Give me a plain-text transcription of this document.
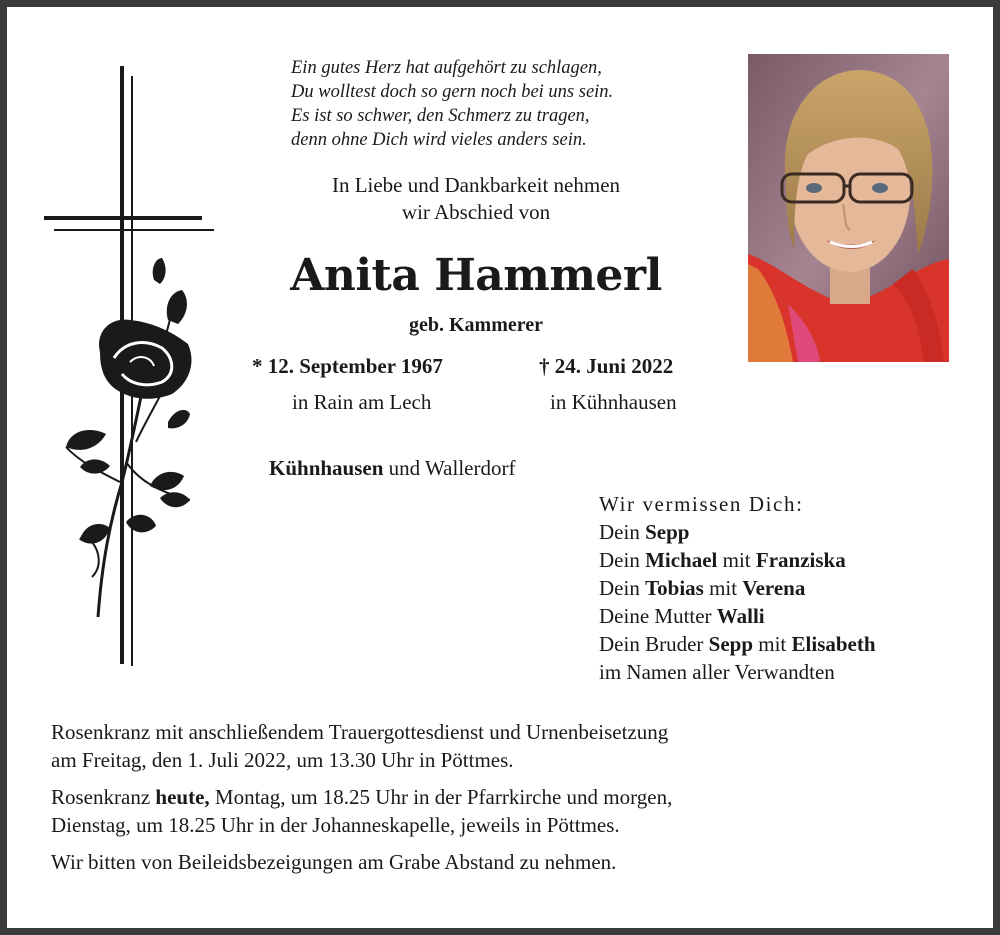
Ein gutes Herz hat aufgehört zu schlagen,
Du wolltest doch so gern noch bei uns sein.
Es ist so schwer, den Schmerz zu tragen,
denn ohne Dich wird vieles anders sein.
In Liebe und Dankbarkeit nehmen
wir Abschied von
Anita Hammerl
geb. Kammerer
* 12. September 1967	† 24. Juni 2022
in Rain am Lech	in Kühnhausen
Kühnhausen und Wallerdorf
Wir vermissen Dich:
Dein Sepp
Dein Michael mit Franziska
Dein Tobias mit Verena
Deine Mutter Walli
Dein Bruder Sepp mit Elisabeth
im Namen aller Verwandten

Rosenkranz mit anschließendem Trauergottesdienst und Urnenbeisetzung
am Freitag, den 1. Juli 2022, um 13.30 Uhr in Pöttmes.

Rosenkranz heute, Montag, um 18.25 Uhr in der Pfarrkirche und morgen,
Dienstag, um 18.25 Uhr in der Johanneskapelle, jeweils in Pöttmes.

Wir bitten von Beileidsbezeigungen am Grabe Abstand zu nehmen.
